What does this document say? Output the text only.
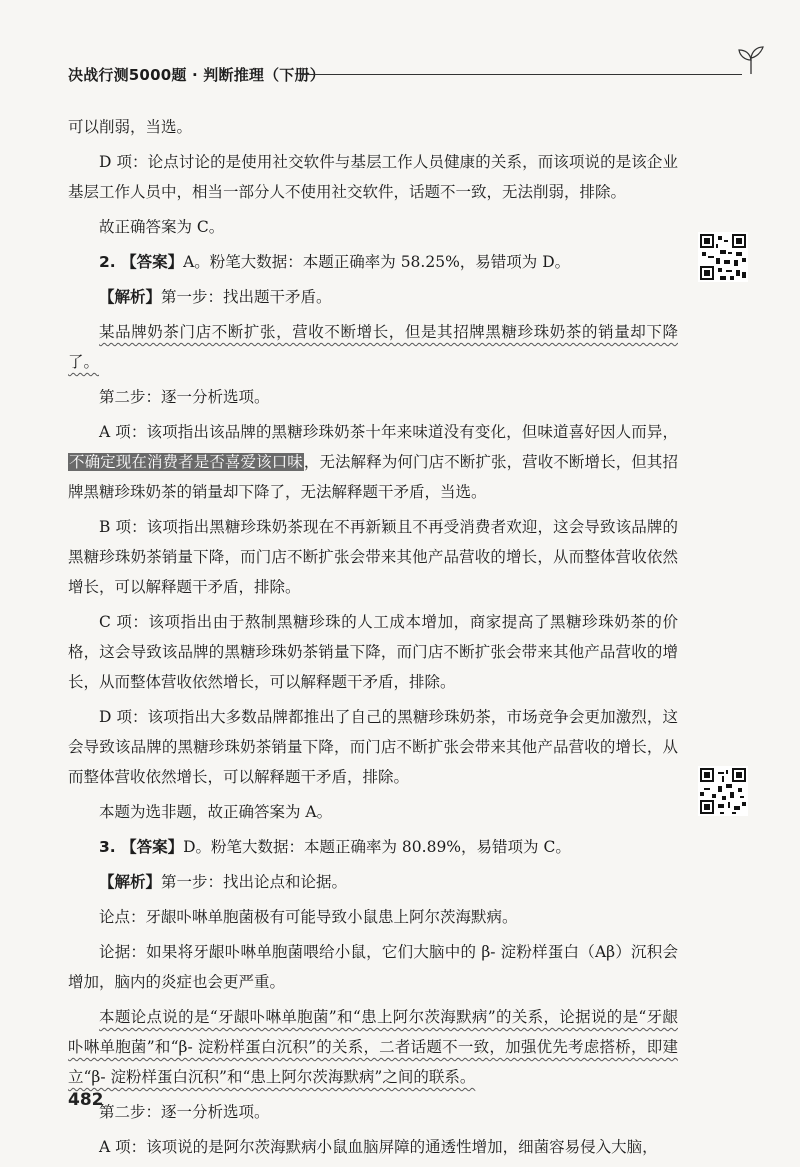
决战行测5000题 · 判断推理（下册）

可以削弱，当选。

D 项：论点讨论的是使用社交软件与基层工作人员健康的关系，而该项说的是该企业基层工作人员中，相当一部分人不使用社交软件，话题不一致，无法削弱，排除。

故正确答案为 C。

2. 【答案】A。粉笔大数据：本题正确率为 58.25%，易错项为 D。

【解析】第一步：找出题干矛盾。

某品牌奶茶门店不断扩张，营收不断增长，但是其招牌黑糖珍珠奶茶的销量却下降了。

第二步：逐一分析选项。

A 项：该项指出该品牌的黑糖珍珠奶茶十年来味道没有变化，但味道喜好因人而异，不确定现在消费者是否喜爱该口味，无法解释为何门店不断扩张，营收不断增长，但其招牌黑糖珍珠奶茶的销量却下降了，无法解释题干矛盾，当选。

B 项：该项指出黑糖珍珠奶茶现在不再新颖且不再受消费者欢迎，这会导致该品牌的黑糖珍珠奶茶销量下降，而门店不断扩张会带来其他产品营收的增长，从而整体营收依然增长，可以解释题干矛盾，排除。

C 项：该项指出由于熬制黑糖珍珠的人工成本增加，商家提高了黑糖珍珠奶茶的价格，这会导致该品牌的黑糖珍珠奶茶销量下降，而门店不断扩张会带来其他产品营收的增长，从而整体营收依然增长，可以解释题干矛盾，排除。

D 项：该项指出大多数品牌都推出了自己的黑糖珍珠奶茶，市场竞争会更加激烈，这会导致该品牌的黑糖珍珠奶茶销量下降，而门店不断扩张会带来其他产品营收的增长，从而整体营收依然增长，可以解释题干矛盾，排除。

本题为选非题，故正确答案为 A。

3. 【答案】D。粉笔大数据：本题正确率为 80.89%，易错项为 C。

【解析】第一步：找出论点和论据。

论点：牙龈卟啉单胞菌极有可能导致小鼠患上阿尔茨海默病。

论据：如果将牙龈卟啉单胞菌喂给小鼠，它们大脑中的 β- 淀粉样蛋白（Aβ）沉积会增加，脑内的炎症也会更严重。

本题论点说的是“牙龈卟啉单胞菌”和“患上阿尔茨海默病”的关系，论据说的是“牙龈卟啉单胞菌”和“β- 淀粉样蛋白沉积”的关系，二者话题不一致，加强优先考虑搭桥，即建立“β- 淀粉样蛋白沉积”和“患上阿尔茨海默病”之间的联系。

第二步：逐一分析选项。

A 项：该项说的是阿尔茨海默病小鼠血脑屏障的通透性增加，细菌容易侵入大脑，

482
